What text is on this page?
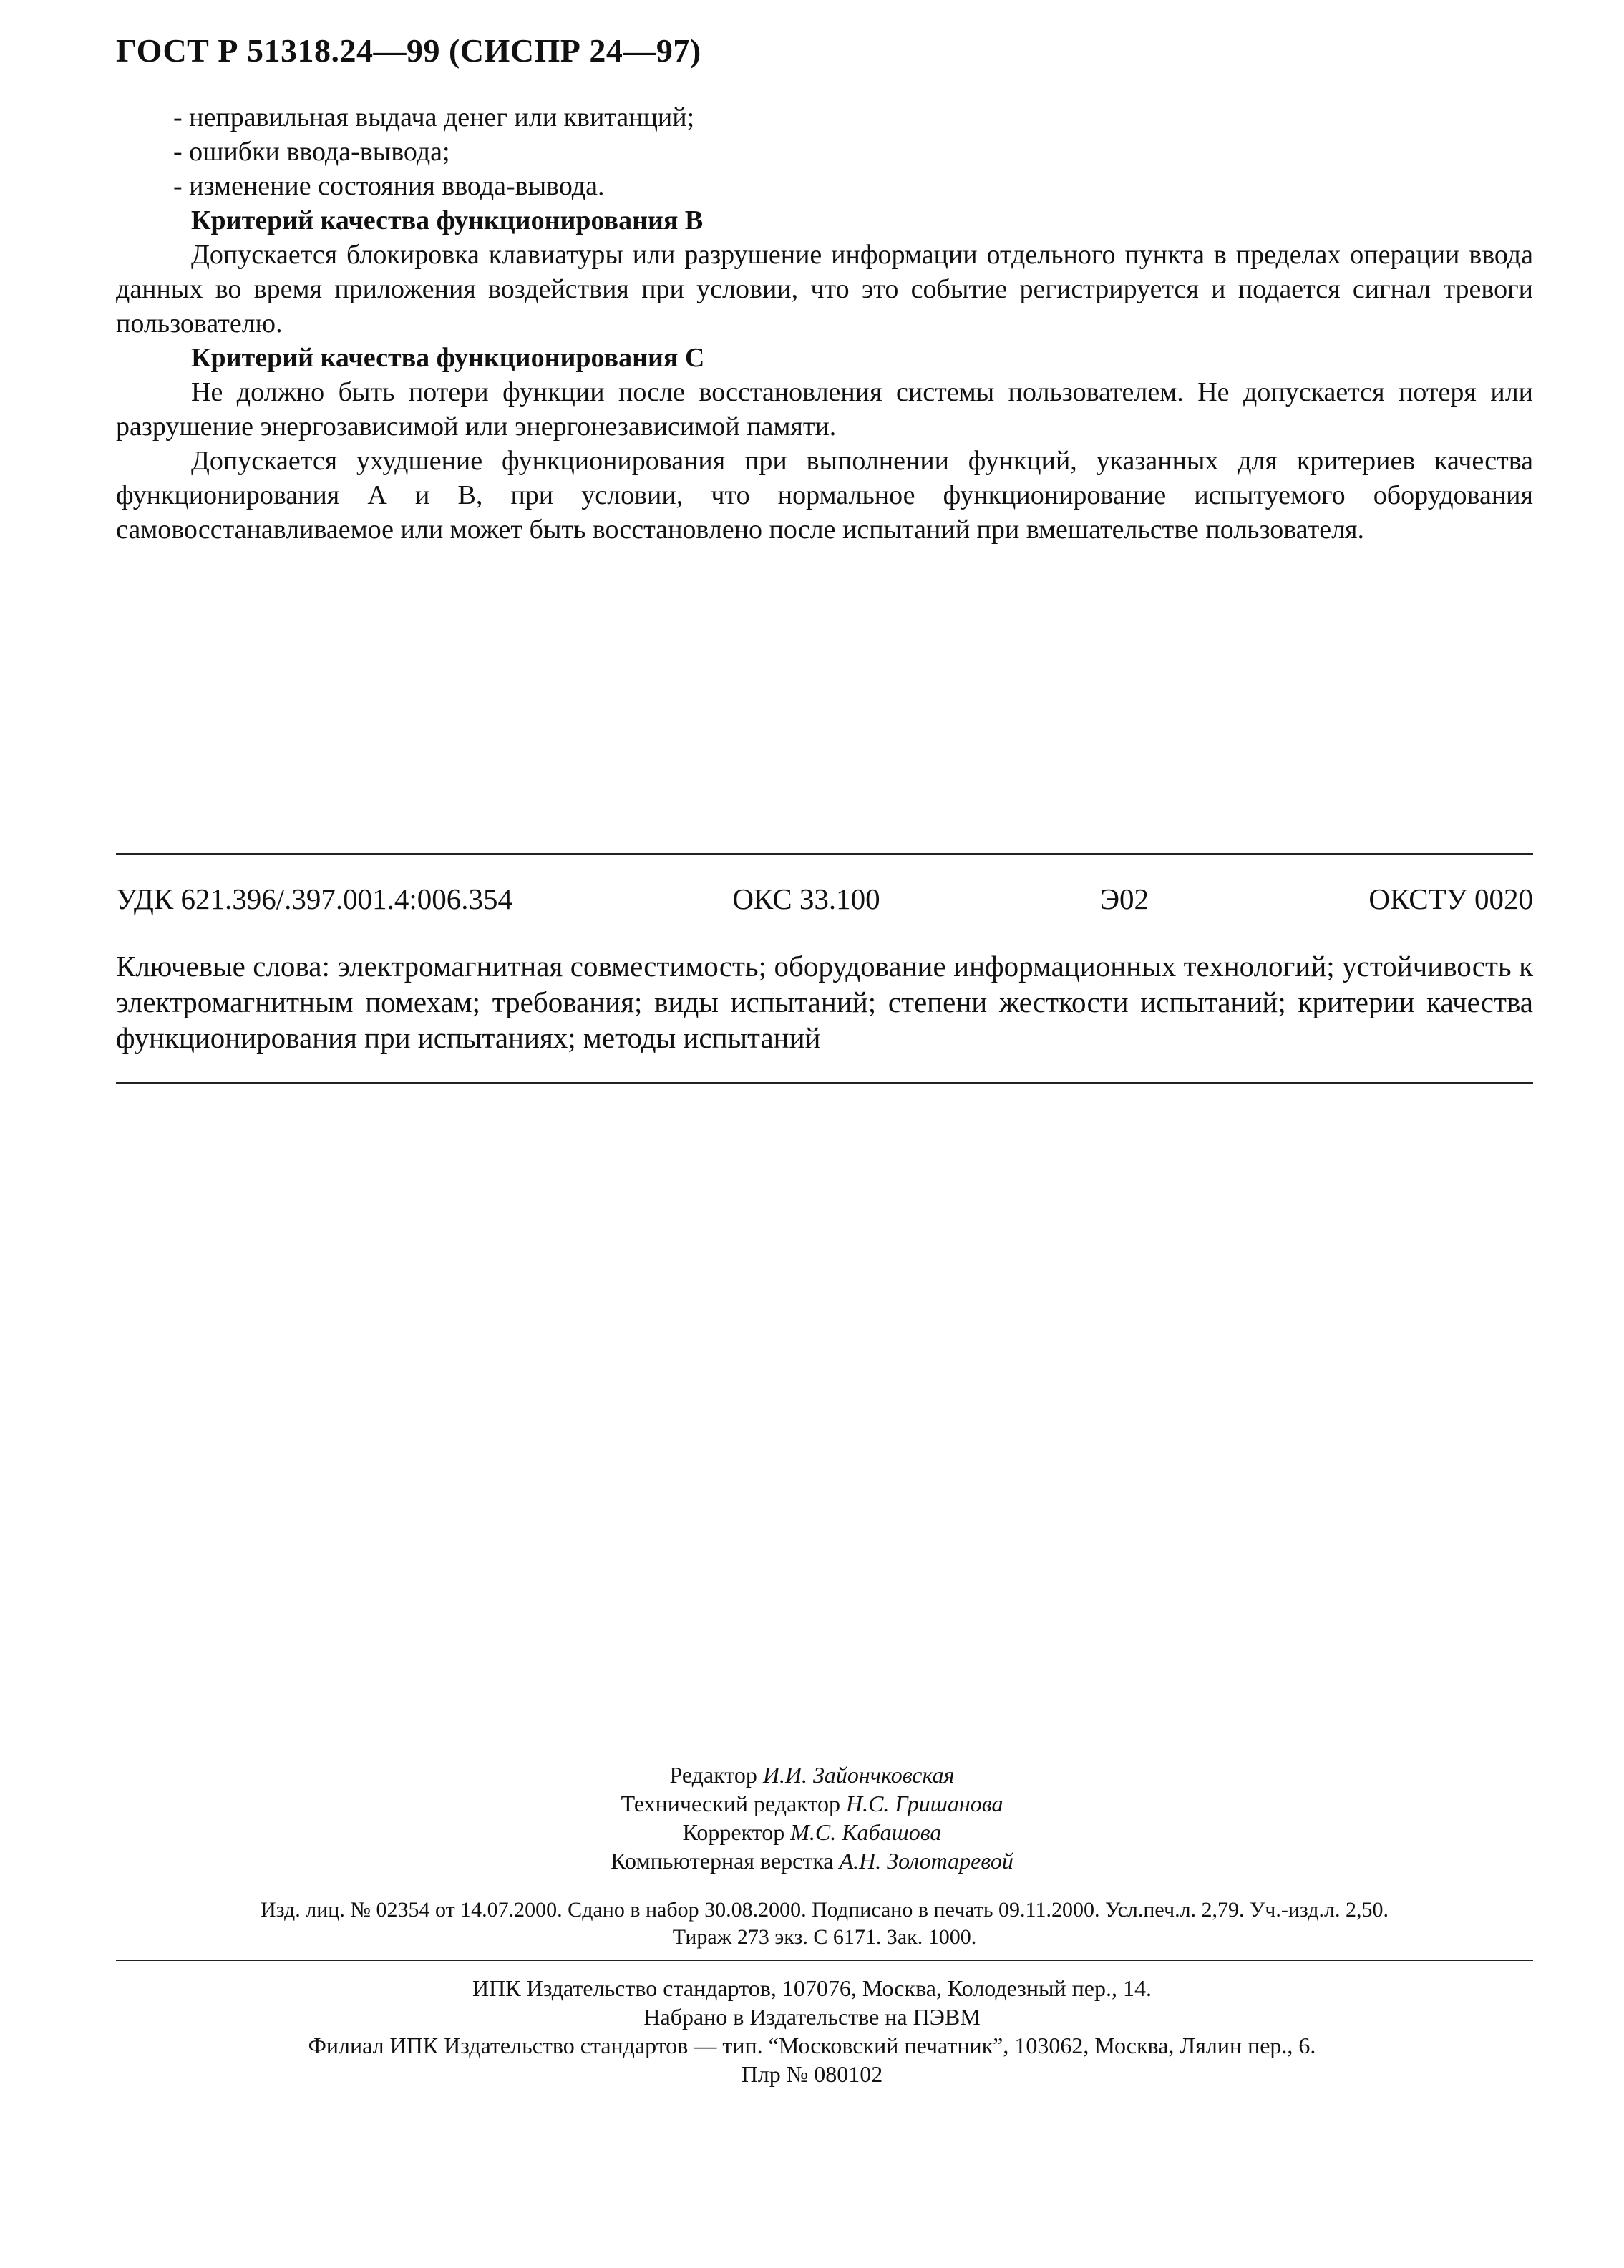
ГОСТ Р 51318.24—99 (СИСПР 24—97)

- неправильная выдача денег или квитанций;

- ошибки ввода-вывода;

- изменение состояния ввода-вывода.

Критерий качества функционирования В

Допускается блокировка клавиатуры или разрушение информации отдельного пункта в пределах операции ввода данных во время приложения воздействия при условии, что это событие регистрируется и подается сигнал тревоги пользователю.

Критерий качества функционирования С

Не должно быть потери функции после восстановления системы пользователем. Не допускается потеря или разрушение энергозависимой или энергонезависимой памяти.

Допускается ухудшение функционирования при выполнении функций, указанных для критериев качества функционирования А и В, при условии, что нормальное функционирование испытуемого оборудования самовосстанавливаемое или может быть восстановлено после испытаний при вмешательстве пользователя.

УДК 621.396/.397.001.4:006.354	ОКС 33.100	Э02	ОКСТУ 0020
Ключевые слова: электромагнитная совместимость; оборудование информационных технологий; устойчивость к электромагнитным помехам; требования; виды испытаний; степени жесткости испытаний; критерии качества функционирования при испытаниях; методы испытаний
Редактор И.И. Зайончковская
Технический редактор Н.С. Гришанова
Корректор М.С. Кабашова
Компьютерная верстка А.Н. Золотаревой
Изд. лиц. № 02354 от 14.07.2000. Сдано в набор 30.08.2000. Подписано в печать 09.11.2000. Усл.печ.л. 2,79. Уч.-изд.л. 2,50.
Тираж 273 экз. С 6171. Зак. 1000.
ИПК Издательство стандартов, 107076, Москва, Колодезный пер., 14.
Набрано в Издательстве на ПЭВМ
Филиал ИПК Издательство стандартов — тип. “Московский печатник”, 103062, Москва, Лялин пер., 6.
Плр № 080102
